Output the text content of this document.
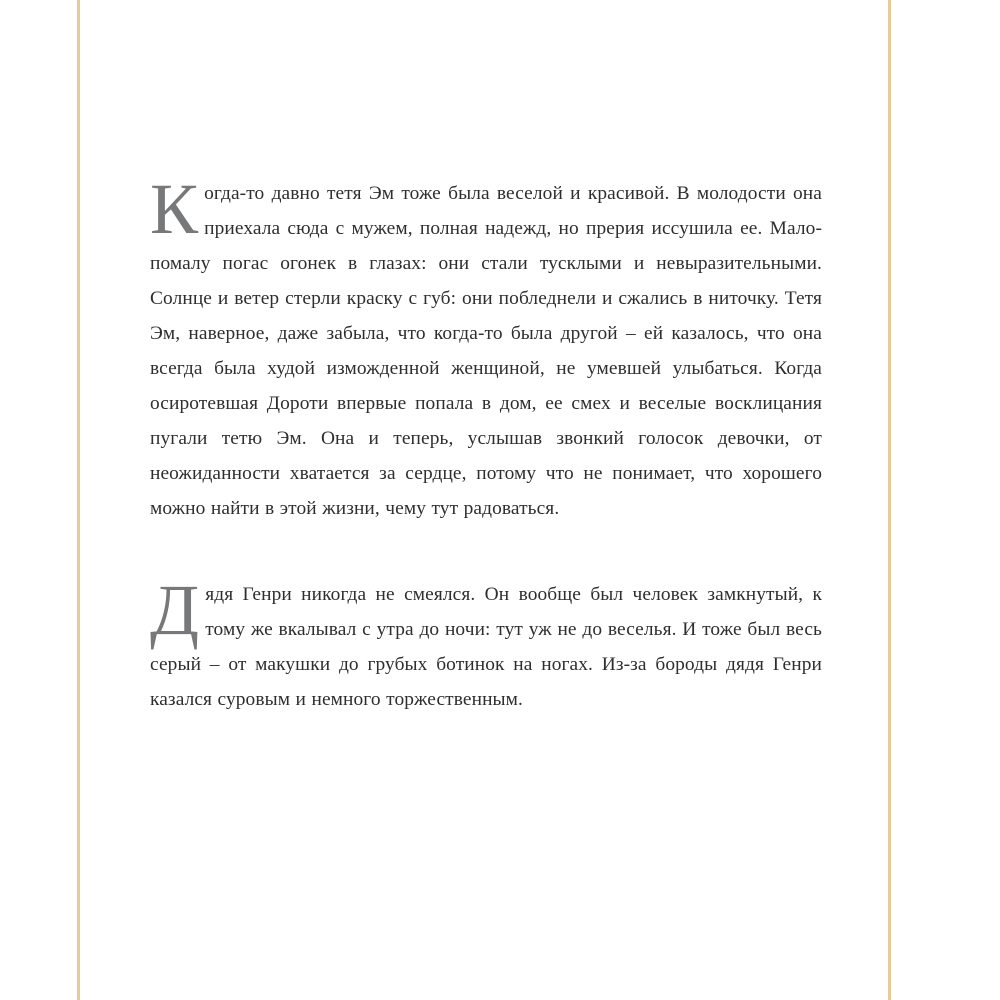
Когда-то давно тетя Эм тоже была веселой и красивой. В молодости она приехала сюда с мужем, полная надежд, но прерия иссушила ее. Мало-помалу погас огонек в глазах: они стали тусклыми и невыразительными. Солнце и ветер стерли краску с губ: они побледнели и сжались в ниточку. Тетя Эм, наверное, даже забыла, что когда-то была другой – ей казалось, что она всегда была худой изможденной женщиной, не умевшей улыбаться. Когда осиротевшая Дороти впервые попала в дом, ее смех и веселые восклицания пугали тетю Эм. Она и теперь, услышав звонкий голосок девочки, от неожиданности хватается за сердце, потому что не понимает, что хорошего можно найти в этой жизни, чему тут радоваться.

Дядя Генри никогда не смеялся. Он вообще был человек замкнутый, к тому же вкалывал с утра до ночи: тут уж не до веселья. И тоже был весь серый – от макушки до грубых ботинок на ногах. Из-за бороды дядя Генри казался суровым и немного торжественным.
